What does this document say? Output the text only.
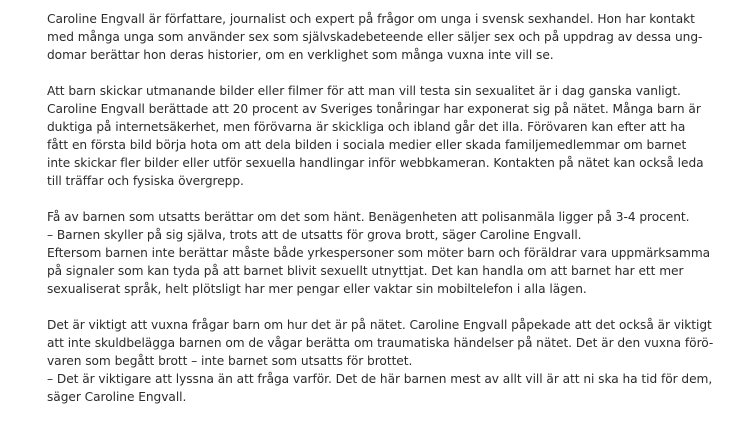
Caroline Engvall är författare, journalist och expert på frågor om unga i svensk sexhandel. Hon har kontakt
med många unga som använder sex som självskadebeteende eller säljer sex och på uppdrag av dessa ung-
domar berättar hon deras historier, om en verklighet som många vuxna inte vill se.

Att barn skickar utmanande bilder eller filmer för att man vill testa sin sexualitet är i dag ganska vanligt.
Caroline Engvall berättade att 20 procent av Sveriges tonåringar har exponerat sig på nätet. Många barn är
duktiga på internetsäkerhet, men förövarna är skickliga och ibland går det illa. Förövaren kan efter att ha
fått en första bild börja hota om att dela bilden i sociala medier eller skada familjemedlemmar om barnet
inte skickar fler bilder eller utför sexuella handlingar inför webbkameran. Kontakten på nätet kan också leda
till träffar och fysiska övergrepp.

Få av barnen som utsatts berättar om det som hänt. Benägenheten att polisanmäla ligger på 3-4 procent.
– Barnen skyller på sig själva, trots att de utsatts för grova brott, säger Caroline Engvall.
Eftersom barnen inte berättar måste både yrkespersoner som möter barn och föräldrar vara uppmärksamma
på signaler som kan tyda på att barnet blivit sexuellt utnyttjat. Det kan handla om att barnet har ett mer
sexualiserat språk, helt plötsligt har mer pengar eller vaktar sin mobiltelefon i alla lägen.

Det är viktigt att vuxna frågar barn om hur det är på nätet. Caroline Engvall påpekade att det också är viktigt
att inte skuldbelägga barnen om de vågar berätta om traumatiska händelser på nätet. Det är den vuxna förö-
varen som begått brott – inte barnet som utsatts för brottet.
– Det är viktigare att lyssna än att fråga varför. Det de här barnen mest av allt vill är att ni ska ha tid för dem,
säger Caroline Engvall.
